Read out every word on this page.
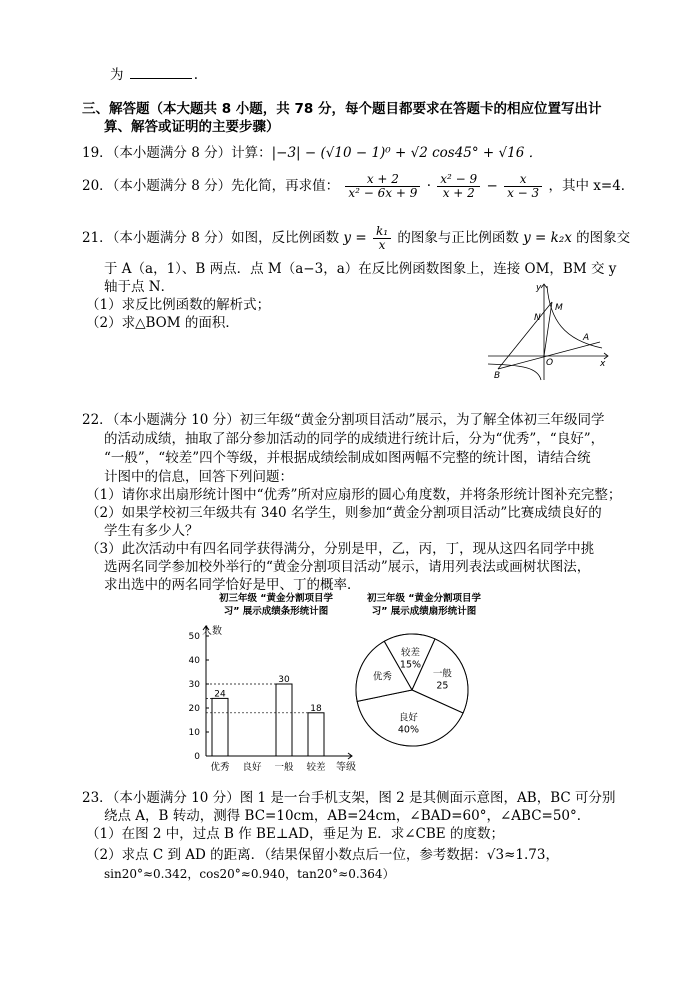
为	.
三、解答题（本大题共 8 小题，共 78 分，每个题目都要求在答题卡的相应位置写出计
算、解答或证明的主要步骤）
19．（本小题满分 8 分）计算：|−3| − (√10 − 1)⁰ + √2 cos45° + √16 ．
20．（本小题满分 8 分）先化简，再求值： $\frac{x + 2}{\text{x² − 6x + 9}} \cdot \frac{\text{x² − 9}}{x + 2} - \frac{x}{x - 3}$ ，其中 x=4．
21．（本小题满分 8 分）如图，反比例函数 $y = \frac{\text{k₁}}{x}$ 的图象与正比例函数 y = k₂x 的图象交
于 A（a，1）、B 两点．点 M（a−3，a）在反比例函数图象上，连接 OM，BM 交 y
轴于点 N．
（1）求反比例函数的解析式；
（2）求△BOM 的面积．
y
x
M
N
A
O
B
22．（本小题满分 10 分）初三年级“黄金分割项目活动”展示，为了解全体初三年级同学
的活动成绩，抽取了部分参加活动的同学的成绩进行统计后，分为“优秀”，“良好”，
“一般”，“较差”四个等级，并根据成绩绘制成如图两幅不完整的统计图，请结合统
计图中的信息，回答下列问题：
（1）请你求出扇形统计图中“优秀”所对应扇形的圆心角度数，并将条形统计图补充完整；
（2）如果学校初三年级共有 340 名学生，则参加“黄金分割项目活动”比赛成绩良好的
学生有多少人？
（3）此次活动中有四名同学获得满分，分别是甲，乙，丙，丁，现从这四名同学中挑
选两名同学参加校外举行的“黄金分割项目活动”展示，请用列表法或画树状图法，
求出选中的两名同学恰好是甲、丁的概率．
初三年级 “黄金分割项目学
习” 展示成绩条形统计图
人数
等级
0
10
20
30
40
50
优秀
24
良好 一般
30
较差
18
初三年级 “黄金分割项目学
习” 展示成绩扇形统计图
较差
15%
一般
25
良好
40%
优秀
23．（本小题满分 10 分）图 1 是一台手机支架，图 2 是其侧面示意图，AB，BC 可分别
绕点 A，B 转动，测得 BC=10cm，AB=24cm，∠BAD=60°，∠ABC=50°．
（1）在图 2 中，过点 B 作 BE⊥AD，垂足为 E．求∠CBE 的度数；
（2）求点 C 到 AD 的距离．（结果保留小数点后一位，参考数据：√3≈1.73，
sin20°≈0.342，cos20°≈0.940，tan20°≈0.364）
